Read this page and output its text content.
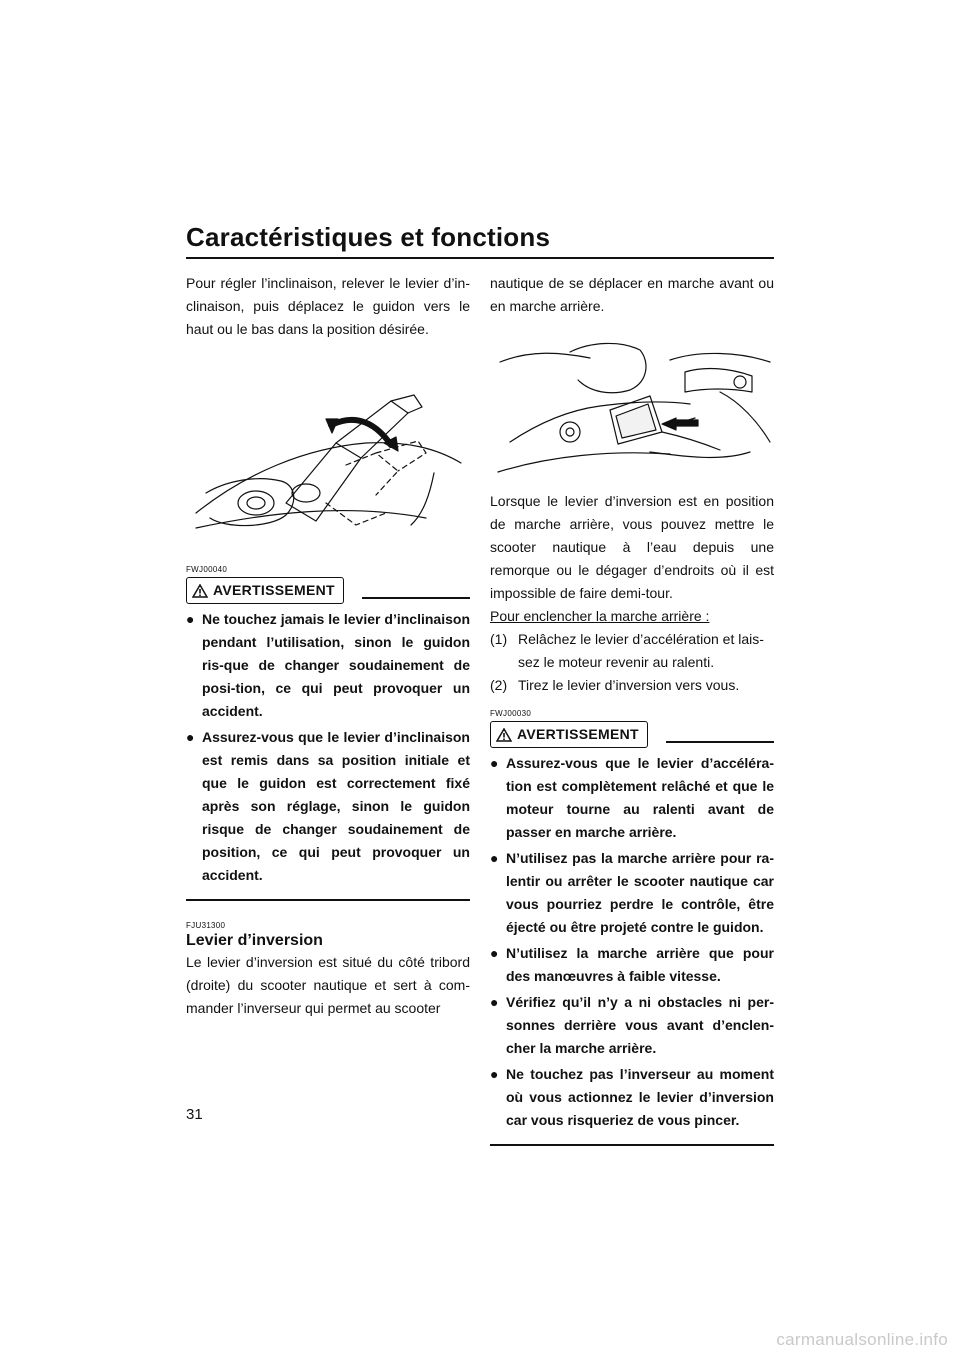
Caractéristiques et fonctions

Pour régler l’inclinaison, relever le levier d’in-clinaison, puis déplacez le guidon vers le haut ou le bas dans la position désirée.

FWJ00040
AVERTISSEMENT
● Ne touchez jamais le levier d’inclinaison pendant l’utilisation, sinon le guidon ris-que de changer soudainement de posi-tion, ce qui peut provoquer un accident.
● Assurez-vous que le levier d’inclinaison est remis dans sa position initiale et que le guidon est correctement fixé après son réglage, sinon le guidon risque de changer soudainement de position, ce qui peut provoquer un accident.
FJU31300
Levier d’inversion

Le levier d’inversion est situé du côté tribord (droite) du scooter nautique et sert à com-mander l’inverseur qui permet au scooter

nautique de se déplacer en marche avant ou en marche arrière.

Lorsque le levier d’inversion est en position de marche arrière, vous pouvez mettre le scooter nautique à l’eau depuis une remorque ou le dégager d’endroits où il est impossible de faire demi-tour.

Pour enclencher la marche arrière :

(1) Relâchez le levier d’accélération et lais-sez le moteur revenir au ralenti.
(2) Tirez le levier d’inversion vers vous.
FWJ00030
AVERTISSEMENT
● Assurez-vous que le levier d’accéléra-tion est complètement relâché et que le moteur tourne au ralenti avant de passer en marche arrière.
● N’utilisez pas la marche arrière pour ra-lentir ou arrêter le scooter nautique car vous pourriez perdre le contrôle, être éjecté ou être projeté contre le guidon.
● N’utilisez la marche arrière que pour des manœuvres à faible vitesse.
● Vérifiez qu’il n’y a ni obstacles ni per-sonnes derrière vous avant d’enclen-cher la marche arrière.
● Ne touchez pas l’inverseur au moment où vous actionnez le levier d’inversion car vous risqueriez de vous pincer.
31
carmanualsonline.info
